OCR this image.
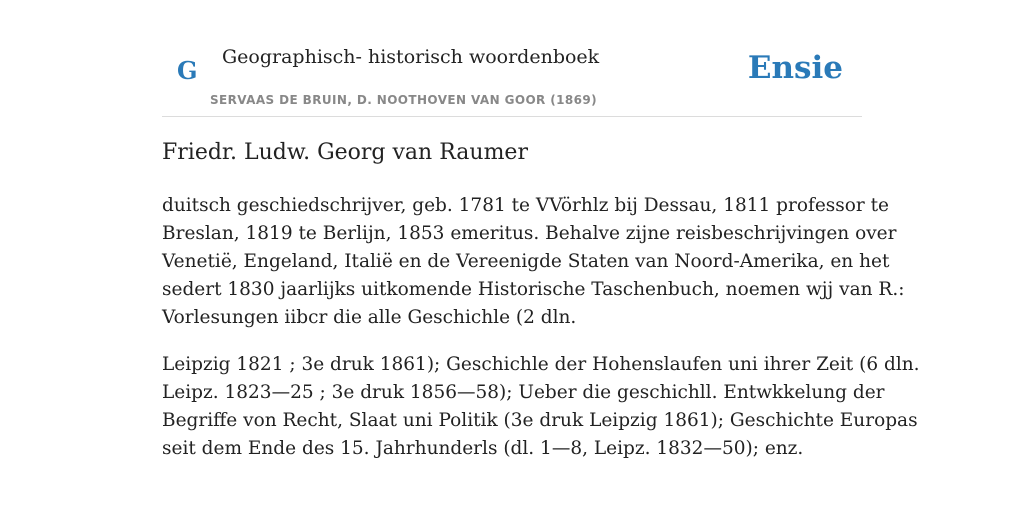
G Geographisch- historisch woordenboek
SERVAAS DE BRUIN, D. NOOTHOVEN VAN GOOR (1869)
Ensie
Friedr. Ludw. Georg van Raumer

duitsch geschiedschrijver, geb. 1781 te VVörhlz bij Dessau, 1811 professor te
Breslan, 1819 te Berlijn, 1853 emeritus. Behalve zijne reisbeschrijvingen over
Venetië, Engeland, Italië en de Vereenigde Staten van Noord-Amerika, en het
sedert 1830 jaarlijks uitkomende Historische Taschenbuch, noemen wjj van R.:
Vorlesungen iibcr die alle Geschichle (2 dln.

Leipzig 1821 ; 3e druk 1861); Geschichle der Hohenslaufen uni ihrer Zeit (6 dln.
Leipz. 1823—25 ; 3e druk 1856—58); Ueber die geschichll. Entwkkelung der
Begriffe von Recht, Slaat uni Politik (3e druk Leipzig 1861); Geschichte Europas
seit dem Ende des 15. Jahrhunderls (dl. 1—8, Leipz. 1832—50); enz.
